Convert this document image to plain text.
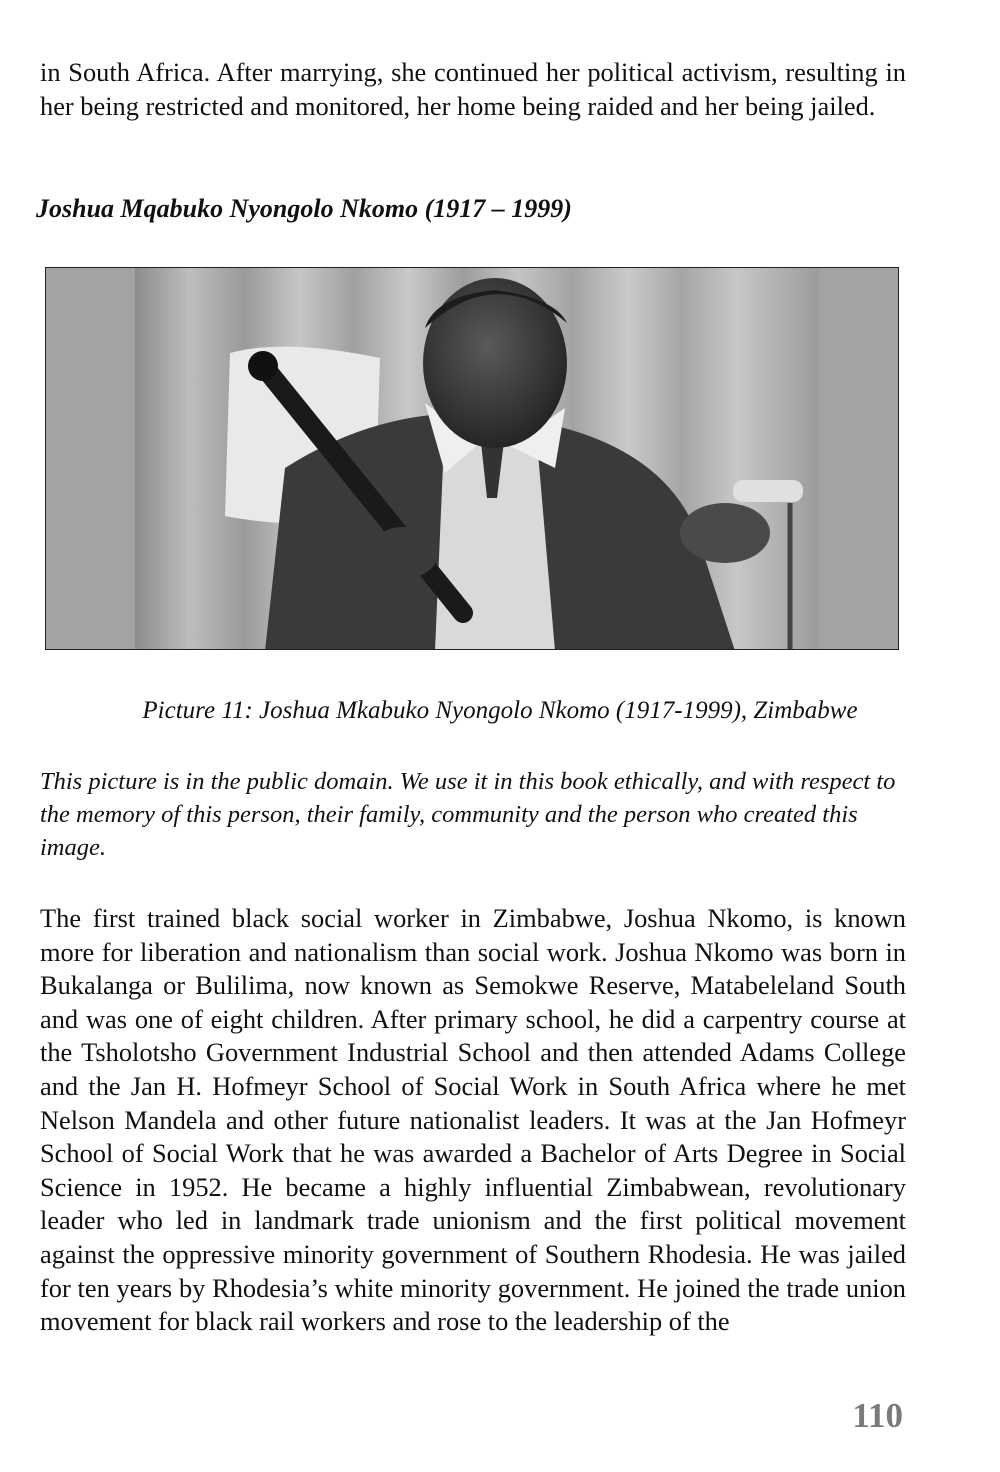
in South Africa. After marrying, she continued her political activism, resulting in her being restricted and monitored, her home being raided and her being jailed.

Joshua Mqabuko Nyongolo Nkomo (1917 – 1999)

Picture 11: Joshua Mkabuko Nyongolo Nkomo (1917-1999), Zimbabwe

This picture is in the public domain. We use it in this book ethically, and with respect to the memory of this person, their family, community and the person who created this image.

The first trained black social worker in Zimbabwe, Joshua Nkomo, is known more for liberation and nationalism than social work. Joshua Nkomo was born in Bukalanga or Bulilima, now known as Semokwe Reserve, Matabeleland South and was one of eight children. After primary school, he did a carpentry course at the Tsholotsho Government Industrial School and then attended Adams College and the Jan H. Hofmeyr School of Social Work in South Africa where he met Nelson Mandela and other future nationalist leaders. It was at the Jan Hofmeyr School of Social Work that he was awarded a Bachelor of Arts Degree in Social Science in 1952. He became a highly influential Zimbabwean, revolutionary leader who led in landmark trade unionism and the first political movement against the oppressive minority government of Southern Rhodesia. He was jailed for ten years by Rhodesia’s white minority government. He joined the trade union movement for black rail workers and rose to the leadership of the

110
